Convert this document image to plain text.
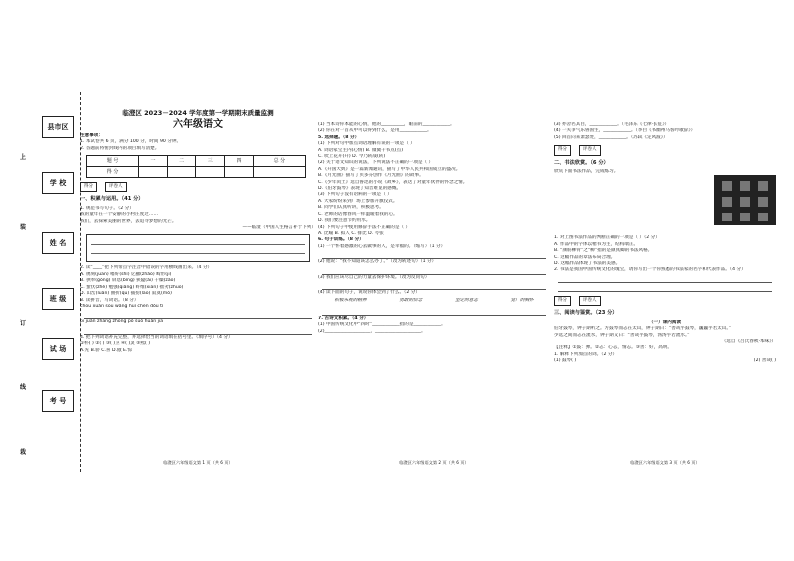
上
县市区
学 校
装
姓 名
班 级
订
试 场
线
考 号
栽
临澄区 2023－2024 学年度第一学期期末质量监测
六年级语文
注意事项：
1. 本试卷共 6 页，满分 100 分，时间 90 分钟。
2. 答题前将密封线内的项目填写清楚。
题 号	一	二	三	四	总 分
得 分					
得分	评卷人
一、积累与运用。（41 分）
1. 规范书写句子。（2 分）
我的童年在一个安静的小村庄度过……
我们，去探索美丽的世界，去追寻梦想的光芒。
——临澄（中国人生格言补于下列）
2. 读“____”把下列带点字注音中错误的字用横线画出来。（4 分）
A. 镌刻(juān) 嗜好(shì) 亿撒(zhào) 畸形(jī)
B. 供奉(gòng) 屏息(bǐng) 狭隘(ài) 干燥(zào)
C. 蛰伏(zhé) 勉强(qiǎng) 纤维(xiān) 拙劣(zhuō)
D. 山峦(luán) 曲折(qū) 捕捞(lāo) 寂寞(mò)
3. 读拼音，写词语。（8 分）
chōu xuán sōu wǎng huì chēn dǒu tí
pī juǎn zhang zhōng pò suǒ huàn jiā
4. 把下列词语补充完整，并选择恰当的词语填在括号里。（填序号）（4 分）
①杯( ) ②( ) ③( )卫 ④( )灵 ⑤熙( )
A.先 B.骄 C.喜 D.傲 E.惊
临澄区六年级语文第 1 页（共 6 页）
(1) 当本诗你本能的心情，他的__________，眼前的____________。
(2) 你在对一首从中可以得到什么，是用____________。
5. 选择题。（8 分）
(1) 下列对句中加点词语理解有误的一项是（ ）
A. 词语家宝主内(心情) B. 微微千书点(点)
C. 吹上花开(开) D. 今乃转战(转)
(2) 关于语文知识的说法，下列说法不正确的一项是（ ）
A.《开国大典》是一篇新闻通讯，描写了中华人民共和国成立的盛况。
B.《月光曲》描写了贝多芬创作《月光曲》的故事。
C.《少年闰土》选自鲁迅的小说《故乡》，表达了对童年伙伴的怀念之情。
D.《伯牙鼓琴》表现了知音难觅的感慨。
(3) 下列句子没有语病的一项是（ ）
A. 大家纷纷来到广场上参加升旗仪式。
B. 同学们认真听讲，积极思考。
C. 老师的话像春风一样温暖着我的心。
D. 我们要注意节约用水。
(4) 下列句子中使用修辞手法不正确的是（ ）
A. 比喻 B. 拟人 C. 排比 D. 夸张
6. 句子训练。（8 分）
(1) 一个怀着感激的心去做事的人，是幸福的。（缩写）（1 分）
(2) 他说：“我不知道该怎么办了。”（改为转述句）（1 分）
(3) 我们应该尽自己的力量去保护环境。（改为反问句）
(4) 读下面的句子，说说你体会到了什么。（2 分）
积极乐观的精神	勇敢的信念	坚定的意志	宽广的胸怀
7. 古诗文积累。（4 分）
(1) 中国传统文化中“四时”____________指的是____________。
(2)____________________，____________________。
临澄区六年级语文第 2 页（共 6 页）
(3) 亦舍名其目，____________。（毛泽东《七律·长征》）
(4) 一夫争气乐鲁国生，____________。（李白《书幽州马客吟歌辞》）
(5) 回首向来萧瑟处，____________。（苏轼《定风波》）
得分	评卷人
二、书法欣赏。（6 分）
欣赏下面书法作品，完成练习。
1. 对上图书法作品的判断正确的一项是（ ）（2 分）
A. 作品中的字体以楷书为主，结构端正。
B. “颜筋柳骨”之“柳”指的是颜真卿的书法风格。
C. 这幅作品的章法布局合理。
D. 这幅作品体现了书法的美感。
2. 书法是我国中国传统文化的瑰宝，请你写出一个你熟悉的书法家的名字和代表作品。（4 分）
得分	评卷人
三、阅读与鉴赏。（23 分）
（一）课内阅读
伯牙鼓琴，钟子期听之。方鼓琴而志在太山，钟子期曰：“善哉乎鼓琴，巍巍乎若太山。”
少选之间而志在流水，钟子期又曰：“善哉乎鼓琴，汤汤乎若流水。”
（选自《吕氏春秋·本味》）
【注释】①鼓：弹。②志：心志，情志。③善：好，高明。
1. 解释下列加点的词。（2 分）
(1) 鼓琴( )	(2) 善哉( )
临澄区六年级语文第 3 页（共 6 页）
